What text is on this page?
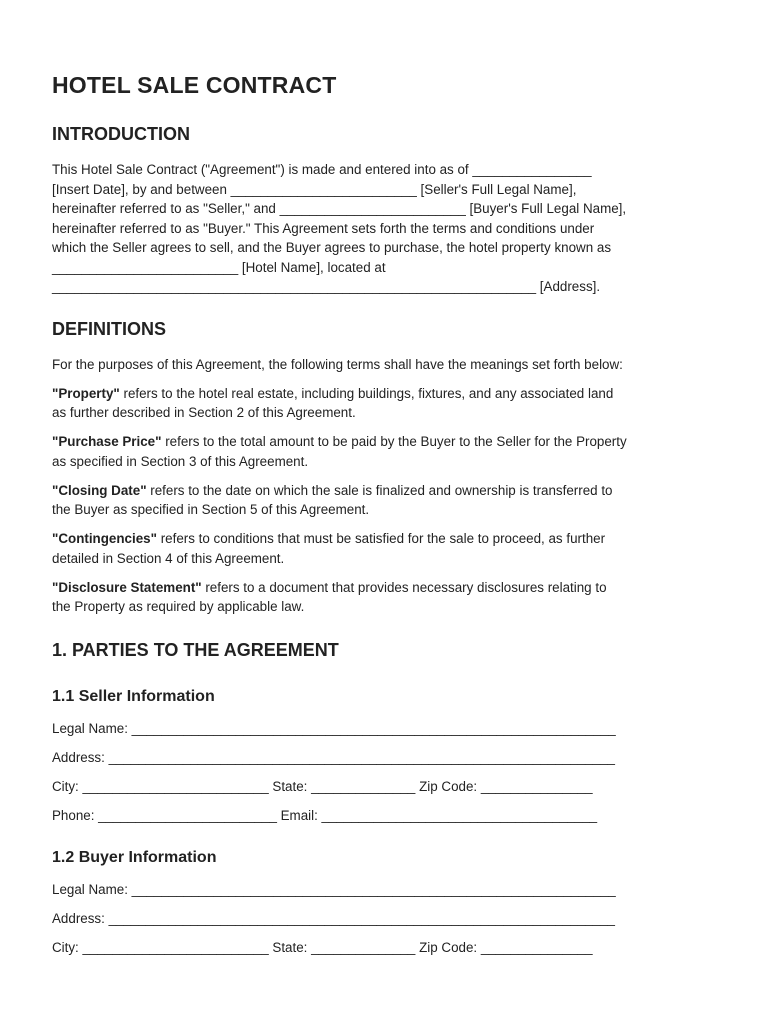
HOTEL SALE CONTRACT
INTRODUCTION

This Hotel Sale Contract ("Agreement") is made and entered into as of ________________

[Insert Date], by and between _________________________ [Seller's Full Legal Name],

hereinafter referred to as "Seller," and _________________________ [Buyer's Full Legal Name],

hereinafter referred to as "Buyer." This Agreement sets forth the terms and conditions under

which the Seller agrees to sell, and the Buyer agrees to purchase, the hotel property known as

_________________________ [Hotel Name], located at

_________________________________________________________________ [Address].

DEFINITIONS

For the purposes of this Agreement, the following terms shall have the meanings set forth below:

"Property" refers to the hotel real estate, including buildings, fixtures, and any associated land

as further described in Section 2 of this Agreement.

"Purchase Price" refers to the total amount to be paid by the Buyer to the Seller for the Property

as specified in Section 3 of this Agreement.

"Closing Date" refers to the date on which the sale is finalized and ownership is transferred to

the Buyer as specified in Section 5 of this Agreement.

"Contingencies" refers to conditions that must be satisfied for the sale to proceed, as further

detailed in Section 4 of this Agreement.

"Disclosure Statement" refers to a document that provides necessary disclosures relating to

the Property as required by applicable law.

1. PARTIES TO THE AGREEMENT
1.1 Seller Information

Legal Name: _________________________________________________________________

Address: ____________________________________________________________________

City: _________________________ State: ______________ Zip Code: _______________

Phone: ________________________ Email: _____________________________________

1.2 Buyer Information

Legal Name: _________________________________________________________________

Address: ____________________________________________________________________

City: _________________________ State: ______________ Zip Code: _______________
